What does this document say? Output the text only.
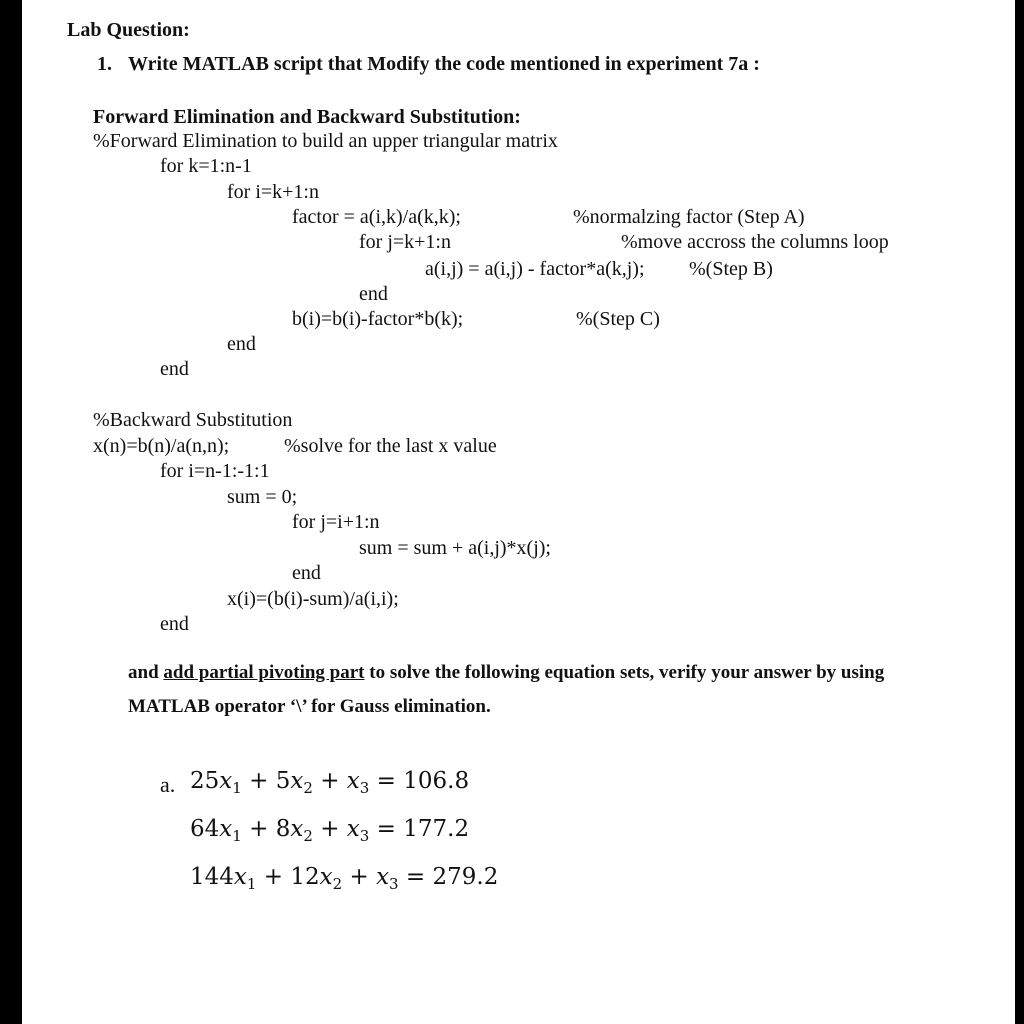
Lab Question:
1. Write MATLAB script that Modify the code mentioned in experiment 7a :
Forward Elimination and Backward Substitution:
%Forward Elimination to build an upper triangular matrix
for k=1:n-1
for i=k+1:n
factor = a(i,k)/a(k,k);	%normalzing factor (Step A)
for j=k+1:n	%move accross the columns loop
a(i,j) = a(i,j) - factor*a(k,j); %(Step B)
end
b(i)=b(i)-factor*b(k);	%(Step C)
end
end
%Backward Substitution
x(n)=b(n)/a(n,n);	%solve for the last x value
for i=n-1:-1:1
sum = 0;
for j=i+1:n
sum = sum + a(i,j)*x(j);
end
x(i)=(b(i)-sum)/a(i,i);
end
and add partial pivoting part to solve the following equation sets, verify your answer by using
MATLAB operator ‘\’ for Gauss elimination.
a. $25x_1 + 5x_2 + x_3 = 106.8$
$64x_1 + 8x_2 + x_3 = 177.2$
$144x_1 + 12x_2 + x_3 = 279.2$
